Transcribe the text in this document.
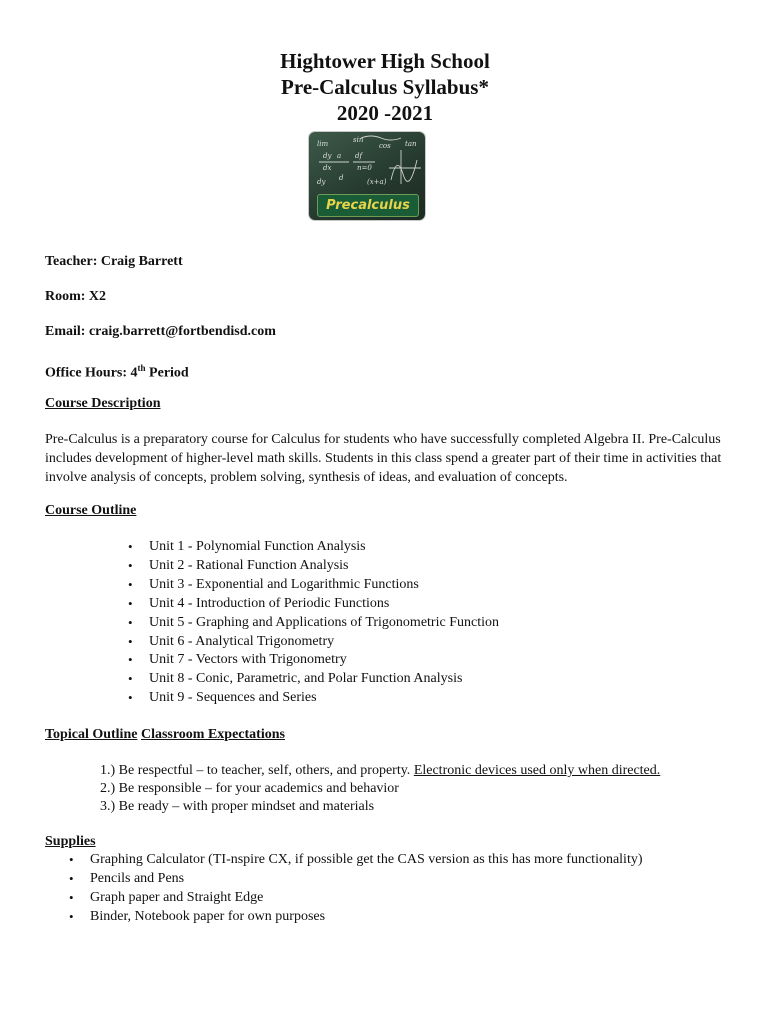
Hightower High School
Pre-Calculus Syllabus*
2020 -2021
sin
dy
dx
a df
n=0
(x+a)
dy d
cos tan
lim
Precalculus
Teacher: Craig Barrett
Room: X2
Email: craig.barrett@fortbendisd.com
Office Hours: 4th Period
Course Description
Pre-Calculus is a preparatory course for Calculus for students who have successfully completed Algebra II. Pre-Calculus includes development of higher-level math skills. Students in this class spend a greater part of their time in activities that involve analysis of concepts, problem solving, synthesis of ideas, and evaluation of concepts.
Course Outline
• Unit 1 - Polynomial Function Analysis
• Unit 2 - Rational Function Analysis
• Unit 3 - Exponential and Logarithmic Functions
• Unit 4 - Introduction of Periodic Functions
• Unit 5 - Graphing and Applications of Trigonometric Function
• Unit 6 - Analytical Trigonometry
• Unit 7 - Vectors with Trigonometry
• Unit 8 - Conic, Parametric, and Polar Function Analysis
• Unit 9 - Sequences and Series
Topical Outline Classroom Expectations
1.) Be respectful – to teacher, self, others, and property. Electronic devices used only when directed.
2.) Be responsible – for your academics and behavior
3.) Be ready – with proper mindset and materials
Supplies
• Graphing Calculator (TI-nspire CX, if possible get the CAS version as this has more functionality)
• Pencils and Pens
• Graph paper and Straight Edge
• Binder, Notebook paper for own purposes
